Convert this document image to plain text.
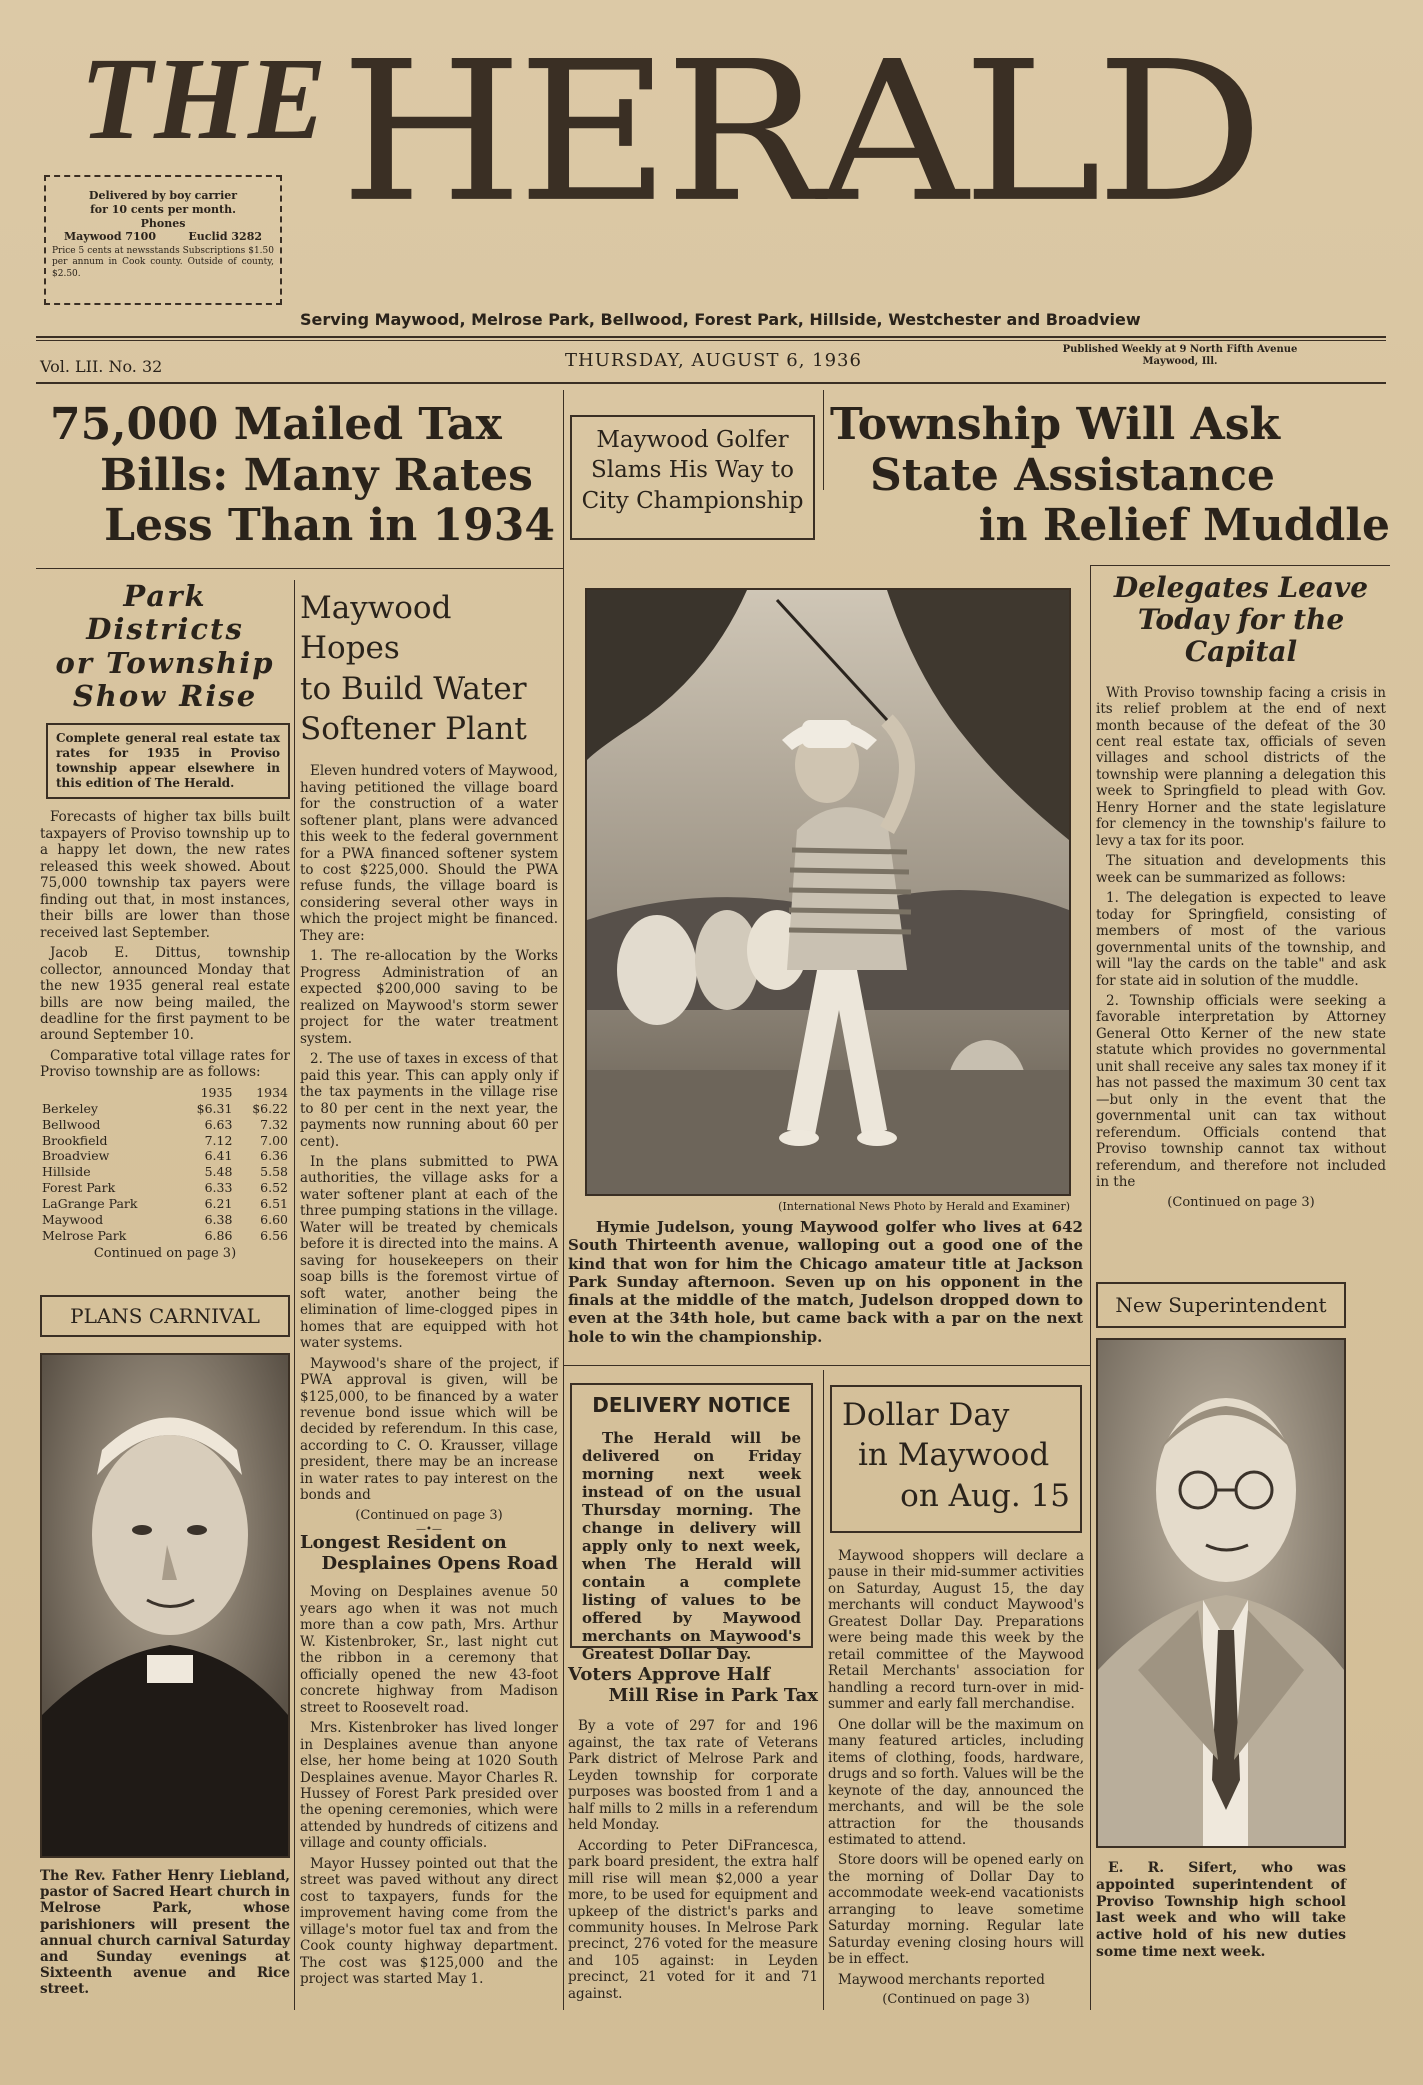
THE HERALD
Delivered by boy carrier
for 10 cents per month.
Phones
Maywood 7100	Euclid 3282
Price 5 cents at newsstands Subscriptions $1.50 per annum in Cook county. Outside of county, $2.50.
Serving Maywood, Melrose Park, Bellwood, Forest Park, Hillside, Westchester and Broadview
Vol. LII. No. 32	THURSDAY, AUGUST 6, 1936
Published Weekly at 9 North Fifth Avenue
Maywood, Ill.
75,000 Mailed Tax
Bills: Many Rates
Less Than in 1934
Park Districts
or Township
Show Rise
Complete general real estate tax rates for 1935 in Proviso township appear elsewhere in this edition of The Herald.

Forecasts of higher tax bills built taxpayers of Proviso township up to a happy let down, the new rates released this week showed. About 75,000 township tax payers were finding out that, in most instances, their bills are lower than those received last September.

Jacob E. Dittus, township collector, announced Monday that the new 1935 general real estate bills are now being mailed, the deadline for the first payment to be around September 10.

Comparative total village rates for Proviso township are as follows:

	1935	1934
Berkeley	$6.31	$6.22
Bellwood	6.63	7.32
Brookfield	7.12	7.00
Broadview	6.41	6.36
Hillside	5.48	5.58
Forest Park	6.33	6.52
LaGrange Park	6.21	6.51
Maywood	6.38	6.60
Melrose Park	6.86	6.56
Continued on page 3)
PLANS CARNIVAL
The Rev. Father Henry Liebland, pastor of Sacred Heart church in Melrose Park, whose parishioners will present the annual church carnival Saturday and Sunday evenings at Sixteenth avenue and Rice street.
Maywood Hopes
to Build Water
Softener Plant

Eleven hundred voters of Maywood, having petitioned the village board for the construction of a water softener plant, plans were advanced this week to the federal government for a PWA financed softener system to cost $225,000. Should the PWA refuse funds, the village board is considering several other ways in which the project might be financed. They are:

1. The re-allocation by the Works Progress Administration of an expected $200,000 saving to be realized on Maywood's storm sewer project for the water treatment system.

2. The use of taxes in excess of that paid this year. This can apply only if the tax payments in the village rise to 80 per cent in the next year, the payments now running about 60 per cent).

In the plans submitted to PWA authorities, the village asks for a water softener plant at each of the three pumping stations in the village. Water will be treated by chemicals before it is directed into the mains. A saving for housekeepers on their soap bills is the foremost virtue of soft water, another being the elimination of lime-clogged pipes in homes that are equipped with hot water systems.

Maywood's share of the project, if PWA approval is given, will be $125,000, to be financed by a water revenue bond issue which will be decided by referendum. In this case, according to C. O. Krausser, village president, there may be an increase in water rates to pay interest on the bonds and

(Continued on page 3)
—•—
Longest Resident on
Desplaines Opens Road

Moving on Desplaines avenue 50 years ago when it was not much more than a cow path, Mrs. Arthur W. Kistenbroker, Sr., last night cut the ribbon in a ceremony that officially opened the new 43-foot concrete highway from Madison street to Roosevelt road.

Mrs. Kistenbroker has lived longer in Desplaines avenue than anyone else, her home being at 1020 South Desplaines avenue. Mayor Charles R. Hussey of Forest Park presided over the opening ceremonies, which were attended by hundreds of citizens and village and county officials.

Mayor Hussey pointed out that the street was paved without any direct cost to taxpayers, funds for the improvement having come from the village's motor fuel tax and from the Cook county highway department. The cost was $125,000 and the project was started May 1.

Maywood Golfer
Slams His Way to
City Championship
(International News Photo by Herald and Examiner)
Hymie Judelson, young Maywood golfer who lives at 642 South Thirteenth avenue, walloping out a good one of the kind that won for him the Chicago amateur title at Jackson Park Sunday afternoon. Seven up on his opponent in the finals at the middle of the match, Judelson dropped down to even at the 34th hole, but came back with a par on the next hole to win the championship.
DELIVERY NOTICE
The Herald will be delivered on Friday morning next week instead of on the usual Thursday morning. The change in delivery will apply only to next week, when The Herald will contain a complete listing of values to be offered by Maywood merchants on Maywood's Greatest Dollar Day.
Voters Approve Half
Mill Rise in Park Tax

By a vote of 297 for and 196 against, the tax rate of Veterans Park district of Melrose Park and Leyden township for corporate purposes was boosted from 1 and a half mills to 2 mills in a referendum held Monday.

According to Peter DiFrancesca, park board president, the extra half mill rise will mean $2,000 a year more, to be used for equipment and upkeep of the district's parks and community houses. In Melrose Park precinct, 276 voted for the measure and 105 against: in Leyden precinct, 21 voted for it and 71 against.

Dollar Day
in Maywood
on Aug. 15

Maywood shoppers will declare a pause in their mid-summer activities on Saturday, August 15, the day merchants will conduct Maywood's Greatest Dollar Day. Preparations were being made this week by the retail committee of the Maywood Retail Merchants' association for handling a record turn-over in mid-summer and early fall merchandise.

One dollar will be the maximum on many featured articles, including items of clothing, foods, hardware, drugs and so forth. Values will be the keynote of the day, announced the merchants, and will be the sole attraction for the thousands estimated to attend.

Store doors will be opened early on the morning of Dollar Day to accommodate week-end vacationists arranging to leave sometime Saturday morning. Regular late Saturday evening closing hours will be in effect.

Maywood merchants reported

(Continued on page 3)
Township Will Ask
State Assistance
in Relief Muddle
Delegates Leave
Today for the
Capital

With Proviso township facing a crisis in its relief problem at the end of next month because of the defeat of the 30 cent real estate tax, officials of seven villages and school districts of the township were planning a delegation this week to Springfield to plead with Gov. Henry Horner and the state legislature for clemency in the township's failure to levy a tax for its poor.

The situation and developments this week can be summarized as follows:

1. The delegation is expected to leave today for Springfield, consisting of members of most of the various governmental units of the township, and will "lay the cards on the table" and ask for state aid in solution of the muddle.

2. Township officials were seeking a favorable interpretation by Attorney General Otto Kerner of the new state statute which provides no governmental unit shall receive any sales tax money if it has not passed the maximum 30 cent tax—but only in the event that the governmental unit can tax without referendum. Officials contend that Proviso township cannot tax without referendum, and therefore not included in the

(Continued on page 3)
New Superintendent
E. R. Sifert, who was appointed superintendent of Proviso Township high school last week and who will take active hold of his new duties some time next week.
